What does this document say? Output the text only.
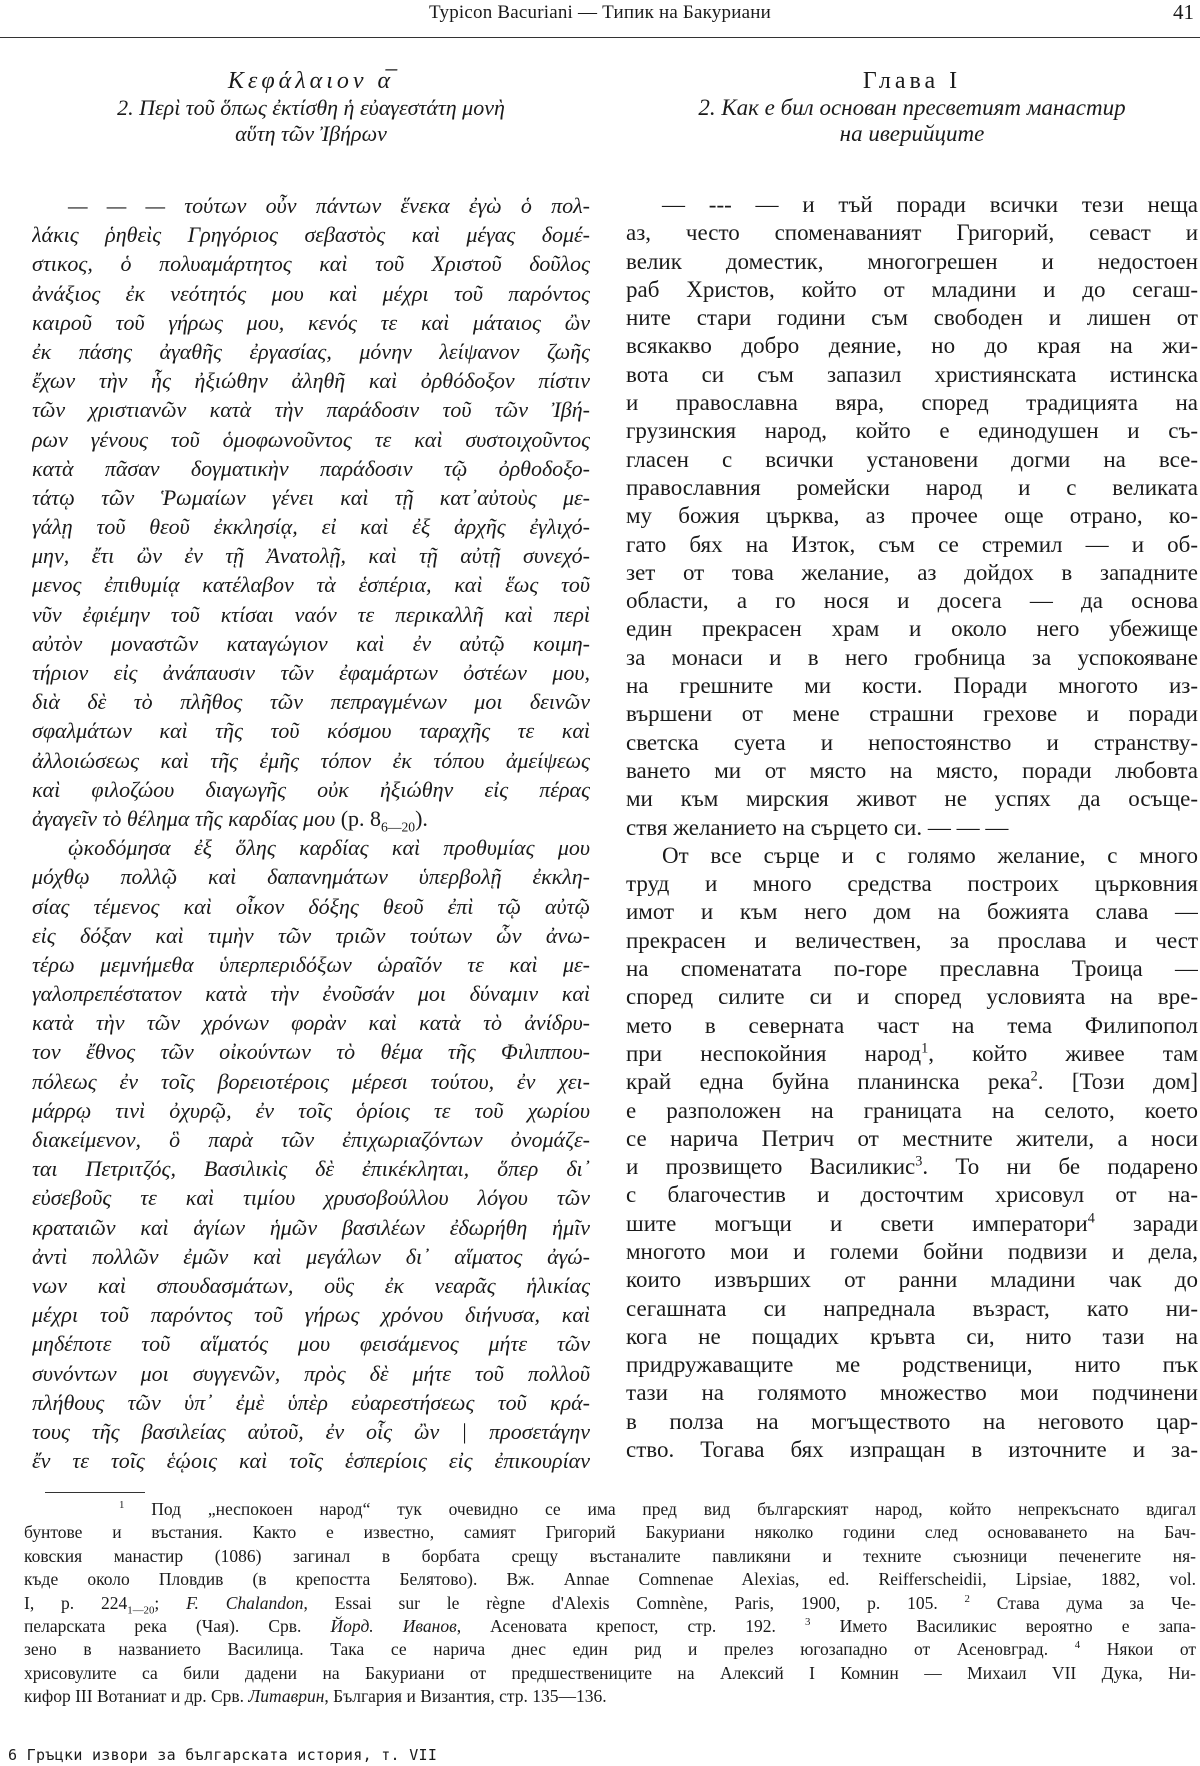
Typicon Bacuriani — Типик на Бакуриани	41
Κεφάλαιον α̅
2. Περὶ τοῦ ὅπως ἐκτίσθη ἡ εὐαγεστάτη μονὴ
αὕτη τῶν Ἰβήρων
Глава I
2. Как е бил основан пресветият манастир
на иверийците
— — — τούτων οὖν πάντων ἕνεκα ἐγὼ ὁ πολ-
λάκις ῥηθεὶς Γρηγόριος σεβαστὸς καὶ μέγας δομέ-
στικος, ὁ πολυαμάρτητος καὶ τοῦ Χριστοῦ δοῦλος
ἀνάξιος ἐκ νεότητός μου καὶ μέχρι τοῦ παρόντος
καιροῦ τοῦ γήρως μου, κενός τε καὶ μάταιος ὢν
ἐκ πάσης ἀγαθῆς ἐργασίας, μόνην λείψανον ζωῆς
ἔχων τὴν ἧς ἠξιώθην ἀληθῆ καὶ ὀρθόδοξον πίστιν
τῶν χριστιανῶν κατὰ τὴν παράδοσιν τοῦ τῶν Ἰβή-
ρων γένους τοῦ ὁμοφωνοῦντος τε καὶ συστοιχοῦντος
κατὰ πᾶσαν δογματικὴν παράδοσιν τῷ ὀρθοδοξο-
τάτῳ τῶν Ῥωμαίων γένει καὶ τῇ κατ᾽αὐτοὺς με-
γάλῃ τοῦ θεοῦ ἐκκλησίᾳ, εἰ καὶ ἐξ ἀρχῆς ἐγλιχό-
μην, ἔτι ὢν ἐν τῇ Ἀνατολῇ, καὶ τῇ αὐτῇ συνεχό-
μενος ἐπιθυμίᾳ κατέλαβον τὰ ἑσπέρια, καὶ ἕως τοῦ
νῦν ἐφιέμην τοῦ κτίσαι ναόν τε περικαλλῆ καὶ περὶ
αὐτὸν μοναστῶν καταγώγιον καὶ ἐν αὐτῷ κοιμη-
τήριον εἰς ἀνάπαυσιν τῶν ἐφαμάρτων ὀστέων μου,
διὰ δὲ τὸ πλῆθος τῶν πεπραγμένων μοι δεινῶν
σφαλμάτων καὶ τῆς τοῦ κόσμου ταραχῆς τε καὶ
ἀλλοιώσεως καὶ τῆς ἐμῆς τόπον ἐκ τόπου ἀμείψεως
καὶ φιλοζώου διαγωγῆς οὐκ ἠξιώθην εἰς πέρας
ἀγαγεῖν τὸ θέλημα τῆς καρδίας μου (p. $8_{6—20}$).
ᾠκοδόμησα ἐξ ὅλης καρδίας καὶ προθυμίας μου
μόχθῳ πολλῷ καὶ δαπανημάτων ὑπερβολῇ ἐκκλη-
σίας τέμενος καὶ οἶκον δόξης θεοῦ ἐπὶ τῷ αὐτῷ
εἰς δόξαν καὶ τιμὴν τῶν τριῶν τούτων ὧν ἀνω-
τέρω μεμνήμεθα ὑπερπεριδόξων ὡραῖόν τε καὶ με-
γαλοπρεπέστατον κατὰ τὴν ἐνοῦσάν μοι δύναμιν καὶ
κατὰ τὴν τῶν χρόνων φορὰν καὶ κατὰ τὸ ἀνίδρυ-
τον ἔθνος τῶν οἰκούντων τὸ θέμα τῆς Φιλιππου-
πόλεως ἐν τοῖς βορειοτέροις μέρεσι τούτου, ἐν χει-
μάρρῳ τινὶ ὀχυρῷ, ἐν τοῖς ὁρίοις τε τοῦ χωρίου
διακείμενον, ὃ παρὰ τῶν ἐπιχωριαζόντων ὀνομάζε-
ται Πετριτζός, Βασιλικὶς δὲ ἐπικέκληται, ὅπερ δι᾽
εὐσεβοῦς τε καὶ τιμίου χρυσοβούλλου λόγου τῶν
κραταιῶν καὶ ἁγίων ἡμῶν βασιλέων ἐδωρήθη ἡμῖν
ἀντὶ πολλῶν ἐμῶν καὶ μεγάλων δι᾽ αἵματος ἀγώ-
νων καὶ σπουδασμάτων, οὓς ἐκ νεαρᾶς ἡλικίας
μέχρι τοῦ παρόντος τοῦ γήρως χρόνου διήνυσα, καὶ
μηδέποτε τοῦ αἵματός μου φεισάμενος μήτε τῶν
συνόντων μοι συγγενῶν, πρὸς δὲ μήτε τοῦ πολλοῦ
πλήθους τῶν ὑπ᾽ ἐμὲ ὑπὲρ εὐαρεστήσεως τοῦ κρά-
τους τῆς βασιλείας αὐτοῦ, ἐν οἷς ὢν | προσετάγην
ἔν τε τοῖς ἑῴοις καὶ τοῖς ἑσπερίοις εἰς ἐπικουρίαν
— --- — и тъй поради всички тези неща
аз, често споменаваният Григорий, севаст и
велик доместик, многогрешен и недостоен
раб Христов, който от младини и до сегаш-
ните стари години съм свободен и лишен от
всякакво добро деяние, но до края на жи-
вота си съм запазил християнската истинска
и православна вяра, според традицията на
грузинския народ, който е единодушен и съ-
гласен с всички установени догми на все-
православния ромейски народ и с великата
му божия църква, аз прочее още отрано, ко-
гато бях на Изток, съм се стремил — и об-
зет от това желание, аз дойдох в западните
области, а го нося и досега — да основа
един прекрасен храм и около него убежище
за монаси и в него гробница за успокояване
на грешните ми кости. Поради многото из-
вършени от мене страшни грехове и поради
светска суета и непостоянство и странству-
ването ми от място на място, поради любовта
ми към мирския живот не успях да осъще-
ствя желанието на сърцето си. — — —
От все сърце и с голямо желание, с много
труд и много средства построих църковния
имот и към него дом на божията слава —
прекрасен и величествен, за прослава и чест
на споменатата по-горе преславна Троица —
според силите си и според условията на вре-
мето в северната част на тема Филипопол
при неспокойния народ$^1$, който живее там
край една буйна планинска река$^2$. [Този дом]
е разположен на границата на селото, което
се нарича Петрич от местните жители, а носи
и прозвището Василикис$^3$. То ни бе подарено
с благочестив и досточтим хрисовул от на-
шите могъщи и свети императори$^4$ заради
многото мои и големи бойни подвизи и дела,
които извърших от ранни младини чак до
сегашната си напреднала възраст, като ни-
кога не пощадих кръвта си, нито тази на
придружаващите ме родственици, нито пък
тази на голямото множество мои подчинени
в полза на могъществото на неговото цар-
ство. Тогава бях изпращан в източните и за-
$^1$ Под „неспокоен народ“ тук очевидно се има пред вид българският народ, който непрекъснато вдигал
бунтове и въстания. Както е известно, самият Григорий Бакуриани няколко години след основаването на Бач-
ковския манастир (1086) загинал в борбата срещу въстаналите павликяни и техните съюзници печенегите ня-
къде около Пловдив (в крепостта Белятово). Вж. Annae Comnenae Alexias, ed. Reifferscheidii, Lipsiae, 1882, vol.
I, p. $224_{1—20}$; F. Chalandon, Essai sur le règne d'Alexis Comnène, Paris, 1900, p. 105. $^2$ Става дума за Че-
пеларската река (Чая). Срв. Йорд. Иванов, Асеновата крепост, стр. 192. $^3$ Името Василикис вероятно е запа-
зено в названието Василица. Така се нарича днес един рид и прелез югозападно от Асеновград. $^4$ Някои от
хрисовулите са били дадени на Бакуриани от предшествениците на Алексий I Комнин — Михаил VII Дука, Ни-
кифор III Вотаниат и др. Срв. Литаврин, България и Византия, стр. 135—136.
6 Гръцки извори за българската история, т. VII
